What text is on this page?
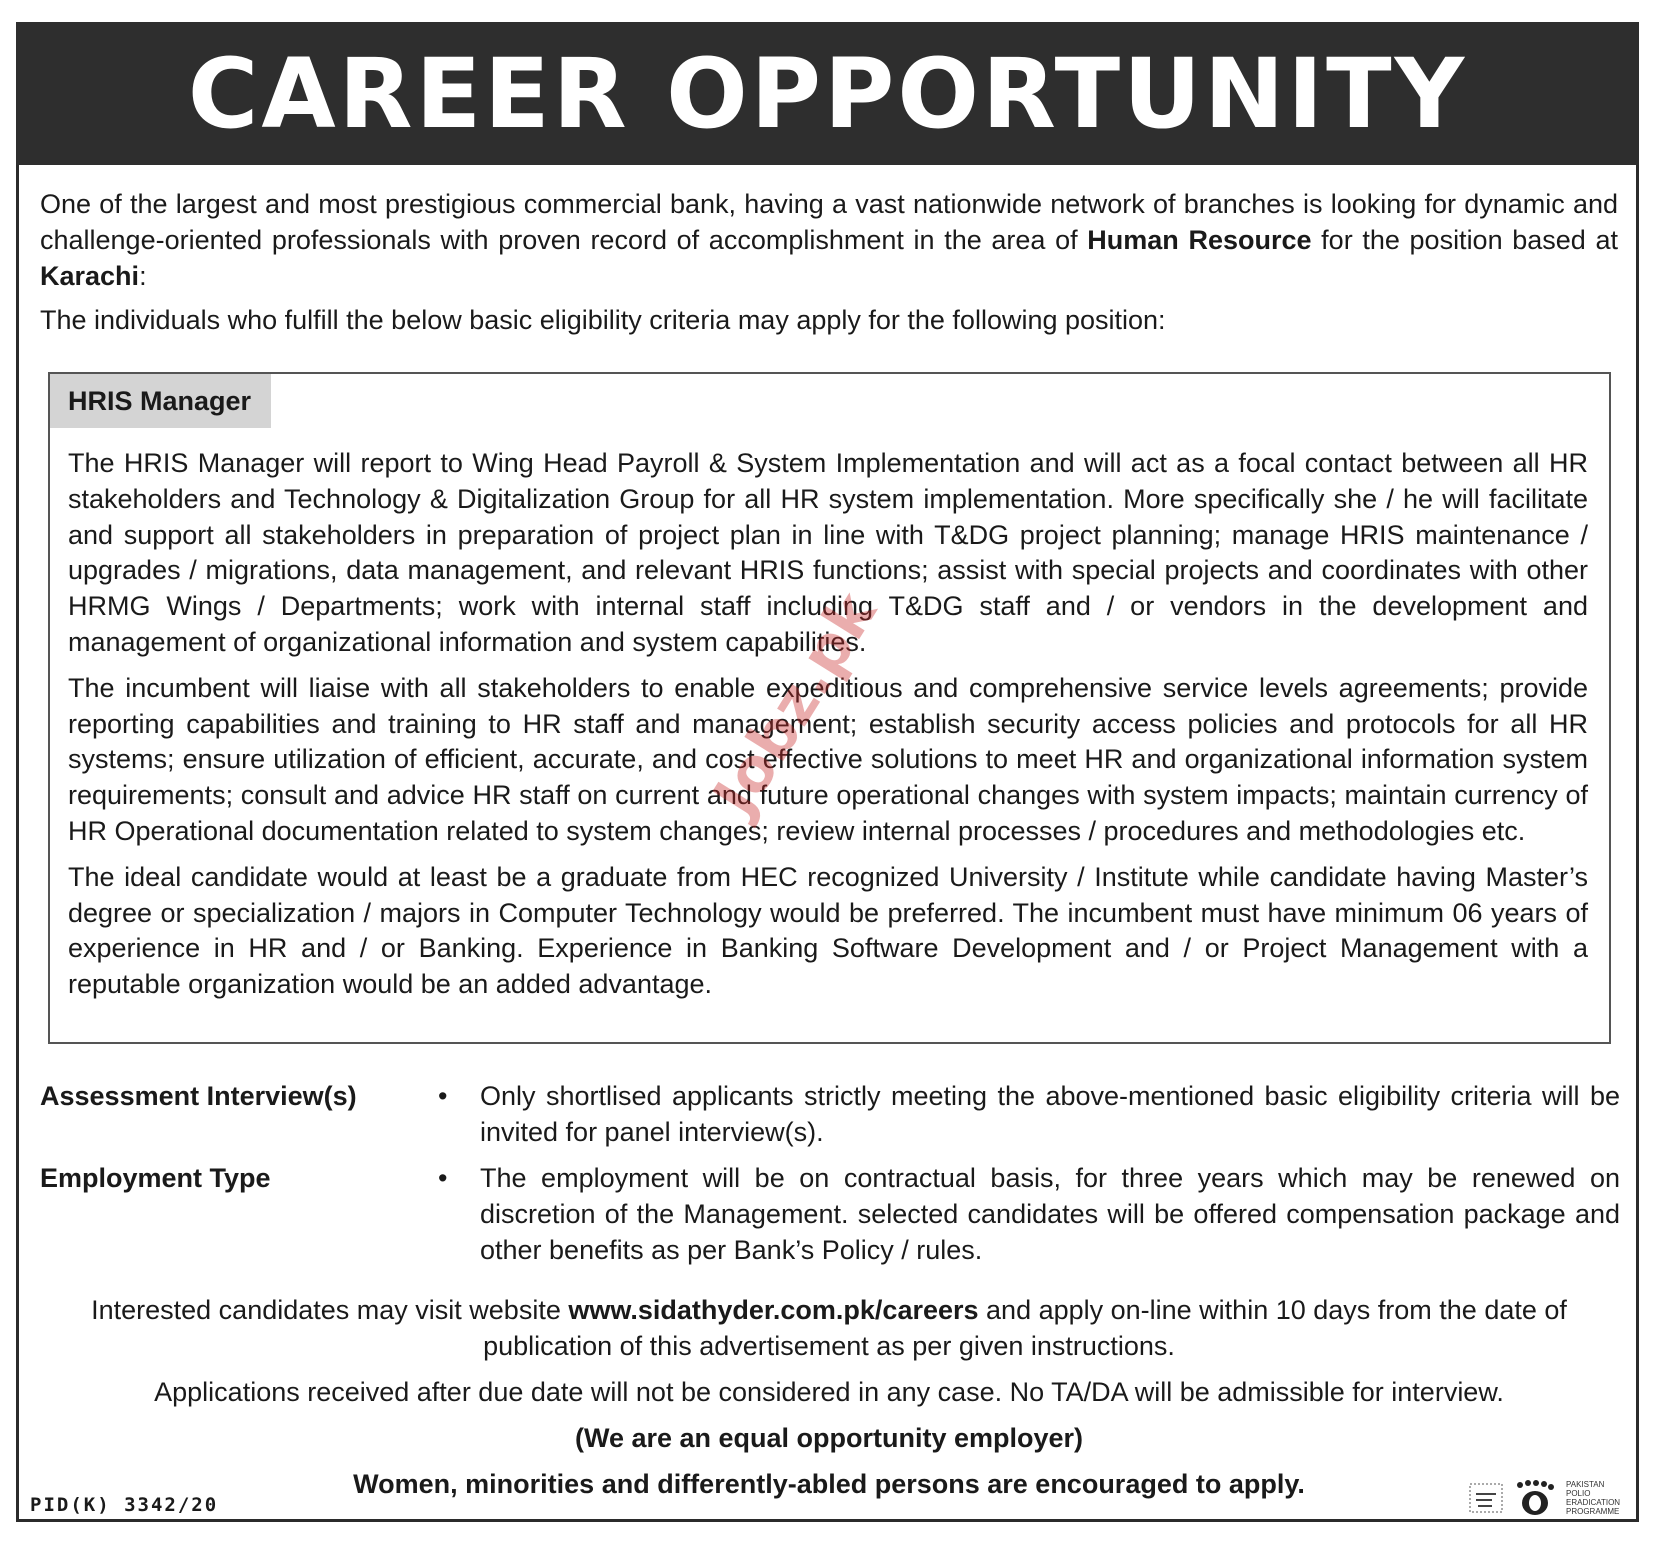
CAREER OPPORTUNITY

One of the largest and most prestigious commercial bank, having a vast nationwide network of branches is looking for dynamic and challenge-oriented professionals with proven record of accomplishment in the area of Human Resource for the position based at Karachi:

The individuals who fulfill the below basic eligibility criteria may apply for the following position:

HRIS Manager

The HRIS Manager will report to Wing Head Payroll & System Implementation and will act as a focal contact between all HR stakeholders and Technology & Digitalization Group for all HR system implementation. More specifically she / he will facilitate and support all stakeholders in preparation of project plan in line with T&DG project planning; manage HRIS maintenance / upgrades / migrations, data management, and relevant HRIS functions; assist with special projects and coordinates with other HRMG Wings / Departments; work with internal staff including T&DG staff and / or vendors in the development and management of organizational information and system capabilities.

The incumbent will liaise with all stakeholders to enable expeditious and comprehensive service levels agreements; provide reporting capabilities and training to HR staff and management; establish security access policies and protocols for all HR systems; ensure utilization of efficient, accurate, and cost effective solutions to meet HR and organizational information system requirements; consult and advice HR staff on current and future operational changes with system impacts; maintain currency of HR Operational documentation related to system changes; review internal processes / procedures and methodologies etc.

The ideal candidate would at least be a graduate from HEC recognized University / Institute while candidate having Master’s degree or specialization / majors in Computer Technology would be preferred. The incumbent must have minimum 06 years of experience in HR and / or Banking. Experience in Banking Software Development and / or Project Management with a reputable organization would be an added advantage.

Jobz.pk
Assessment Interview(s)	•	Only shortlised applicants strictly meeting the above-mentioned basic eligibility criteria will be invited for panel interview(s).
Employment Type	•	The employment will be on contractual basis, for three years which may be renewed on discretion of the Management. selected candidates will be offered compensation package and other benefits as per Bank’s Policy / rules.

Interested candidates may visit website www.sidathyder.com.pk/careers and apply on-line within 10 days from the date of publication of this advertisement as per given instructions.

Applications received after due date will not be considered in any case. No TA/DA will be admissible for interview.

(We are an equal opportunity employer)

Women, minorities and differently-abled persons are encouraged to apply.

PID(K) 3342/20
PAKISTAN
POLIO
ERADICATION
PROGRAMME
